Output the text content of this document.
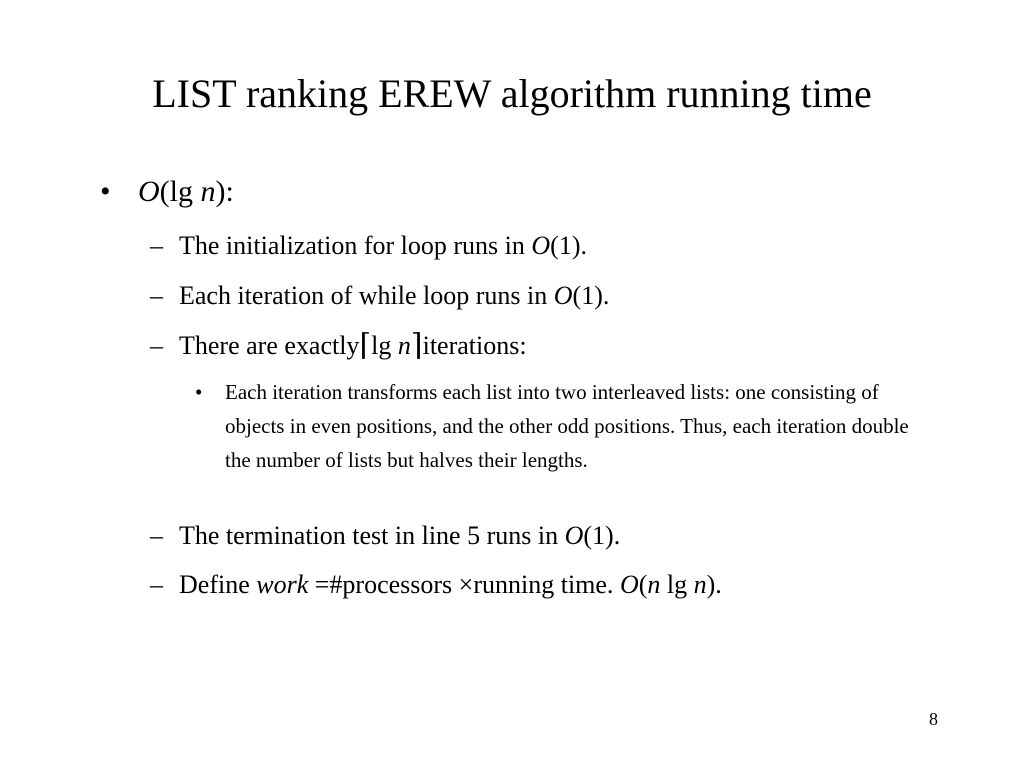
LIST ranking EREW algorithm running time
• O(lg n):
– The initialization for loop runs in O(1).
– Each iteration of while loop runs in O(1).
– There are exactly⌈lg n⌉iterations:
• Each iteration transforms each list into two interleaved lists: one consisting of objects in even positions, and the other odd positions. Thus, each iteration double the number of lists but halves their lengths.
– The termination test in line 5 runs in O(1).
– Define work =#processors ×running time. O(n lg n).
8
